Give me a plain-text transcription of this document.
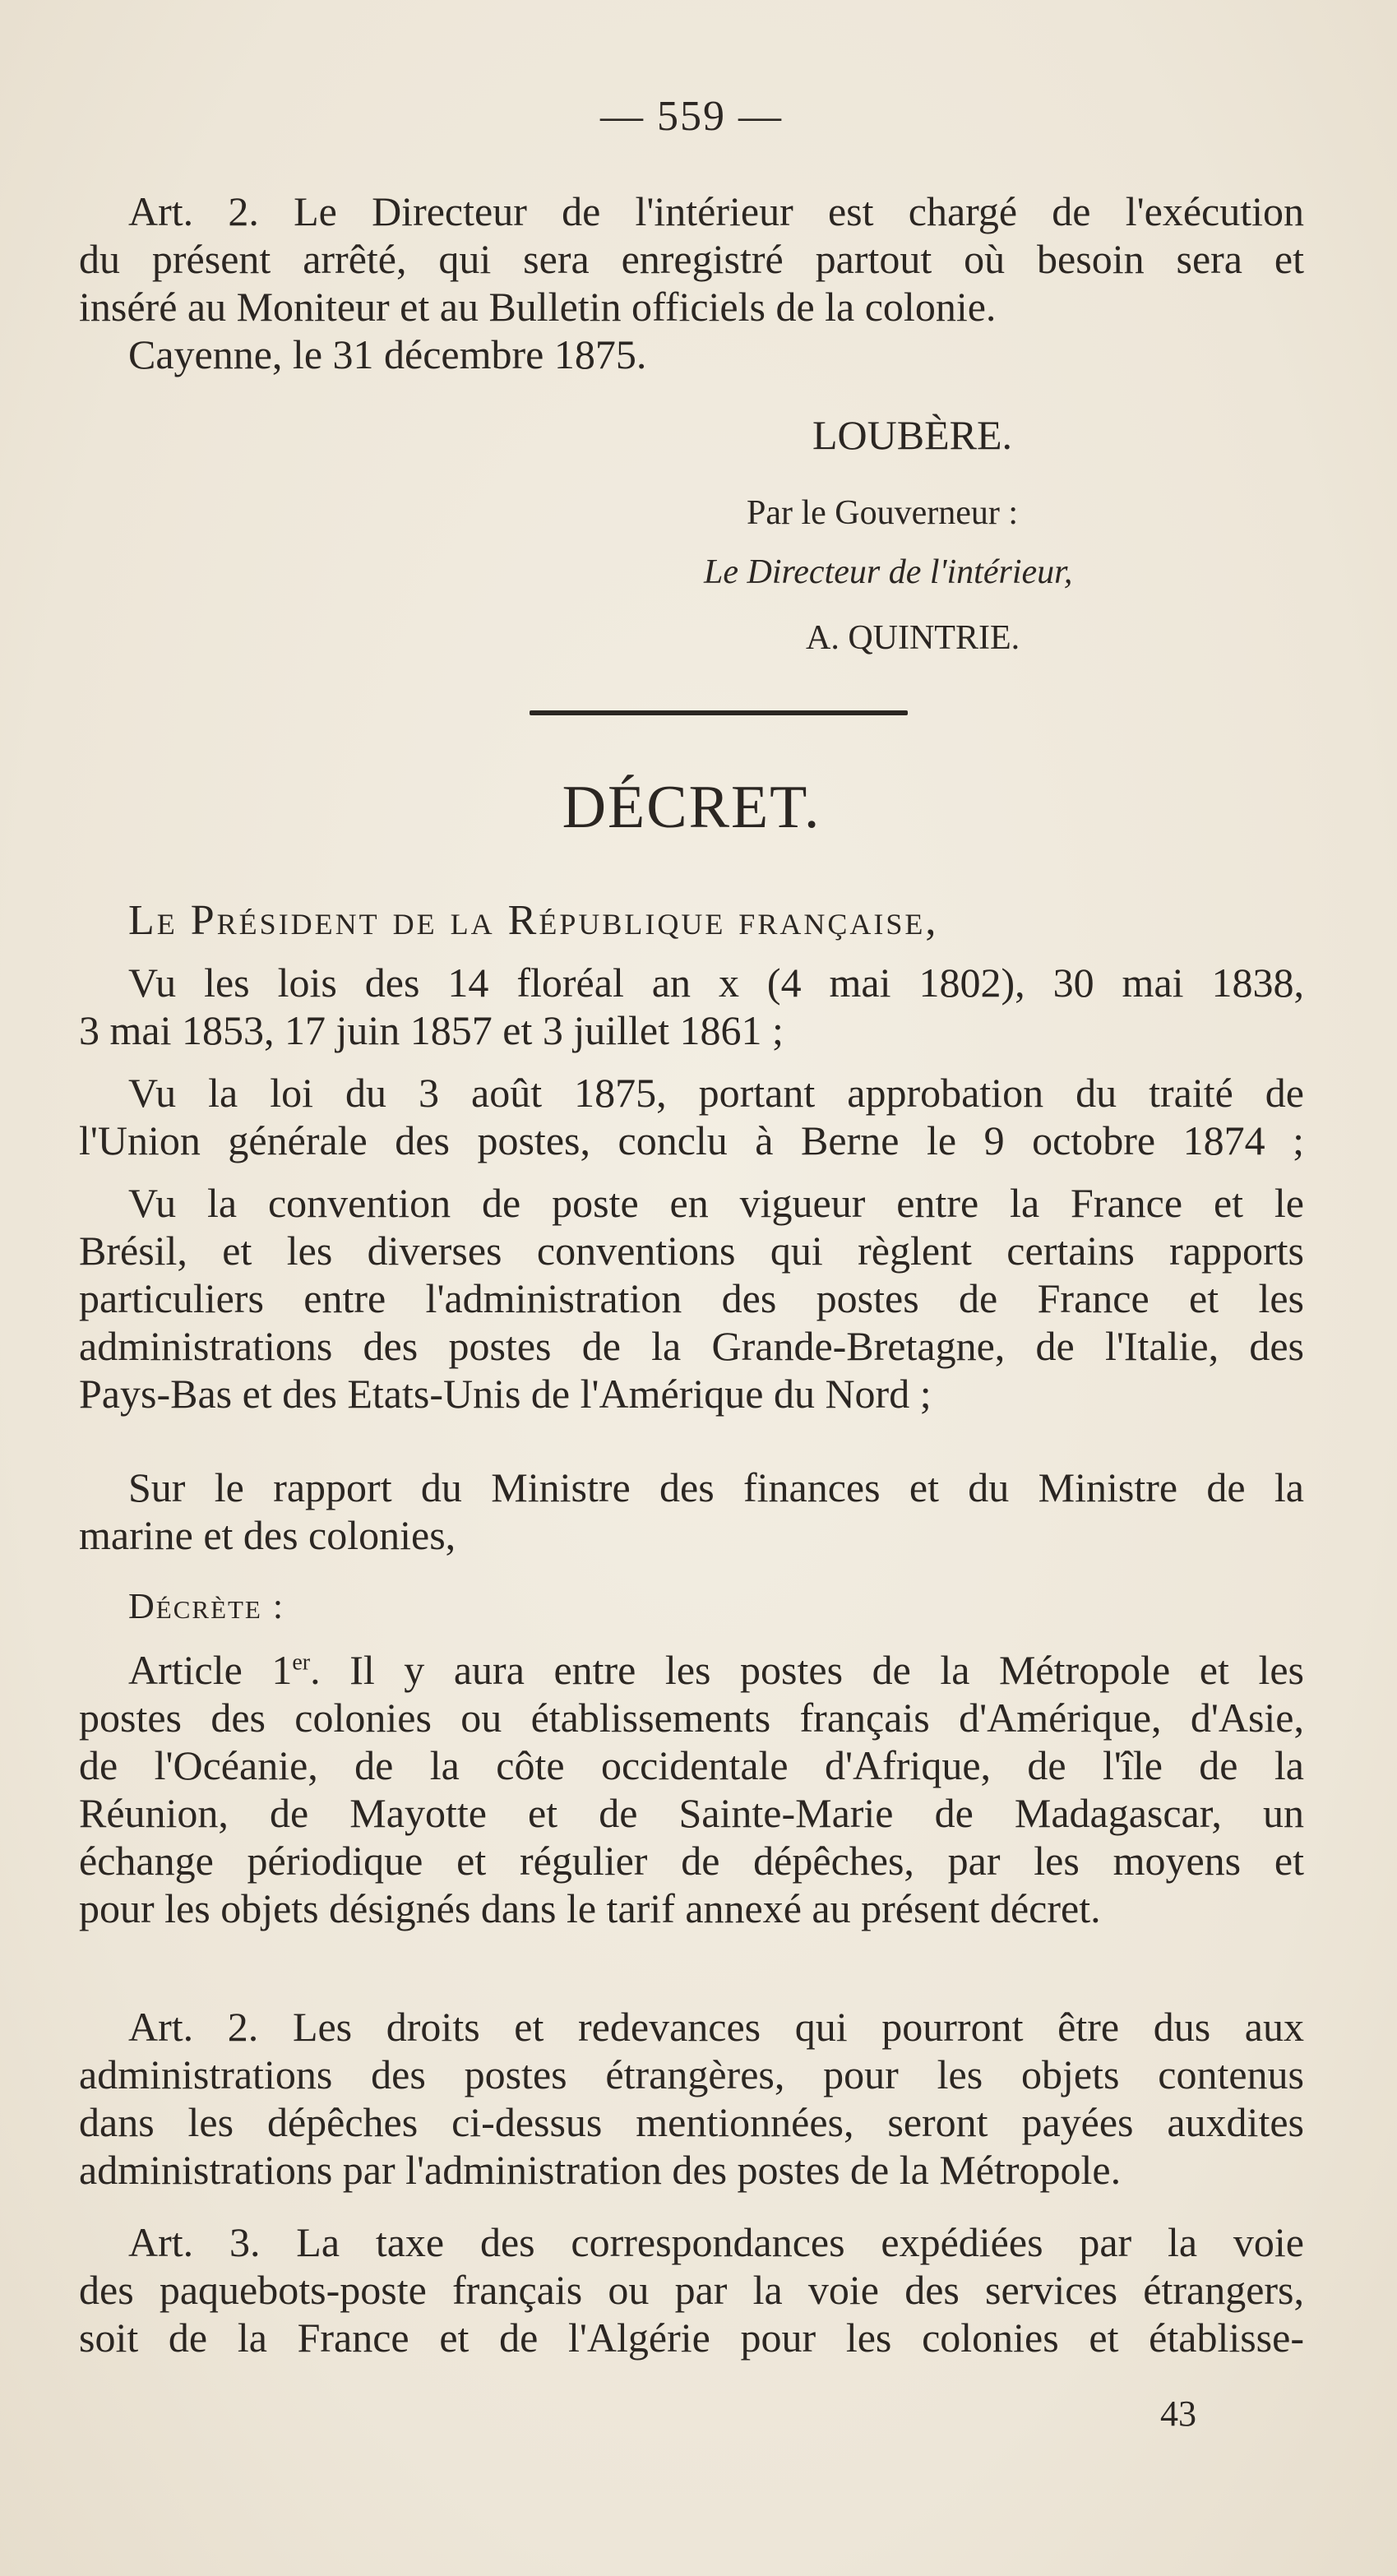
— 559 —
Art. 2. Le Directeur de l'intérieur est chargé de l'exécution
du présent arrêté, qui sera enregistré partout où besoin sera et
inséré au Moniteur et au Bulletin officiels de la colonie.
Cayenne, le 31 décembre 1875.
LOUBÈRE.
Par le Gouverneur :
Le Directeur de l'intérieur,
A. QUINTRIE.
DÉCRET.
Le Président de la République française,
Vu les lois des 14 floréal an x (4 mai 1802), 30 mai 1838,
3 mai 1853, 17 juin 1857 et 3 juillet 1861 ;
Vu la loi du 3 août 1875, portant approbation du traité de
l'Union générale des postes, conclu à Berne le 9 octobre 1874 ;
Vu la convention de poste en vigueur entre la France et le
Brésil, et les diverses conventions qui règlent certains rapports
particuliers entre l'administration des postes de France et les
administrations des postes de la Grande-Bretagne, de l'Italie, des
Pays-Bas et des Etats-Unis de l'Amérique du Nord ;
Sur le rapport du Ministre des finances et du Ministre de la
marine et des colonies,
Décrète :
Article 1er. Il y aura entre les postes de la Métropole et les
postes des colonies ou établissements français d'Amérique, d'Asie,
de l'Océanie, de la côte occidentale d'Afrique, de l'île de la
Réunion, de Mayotte et de Sainte-Marie de Madagascar, un
échange périodique et régulier de dépêches, par les moyens et
pour les objets désignés dans le tarif annexé au présent décret.
Art. 2. Les droits et redevances qui pourront être dus aux
administrations des postes étrangères, pour les objets contenus
dans les dépêches ci-dessus mentionnées, seront payées auxdites
administrations par l'administration des postes de la Métropole.
Art. 3. La taxe des correspondances expédiées par la voie
des paquebots-poste français ou par la voie des services étrangers,
soit de la France et de l'Algérie pour les colonies et établisse-
43
